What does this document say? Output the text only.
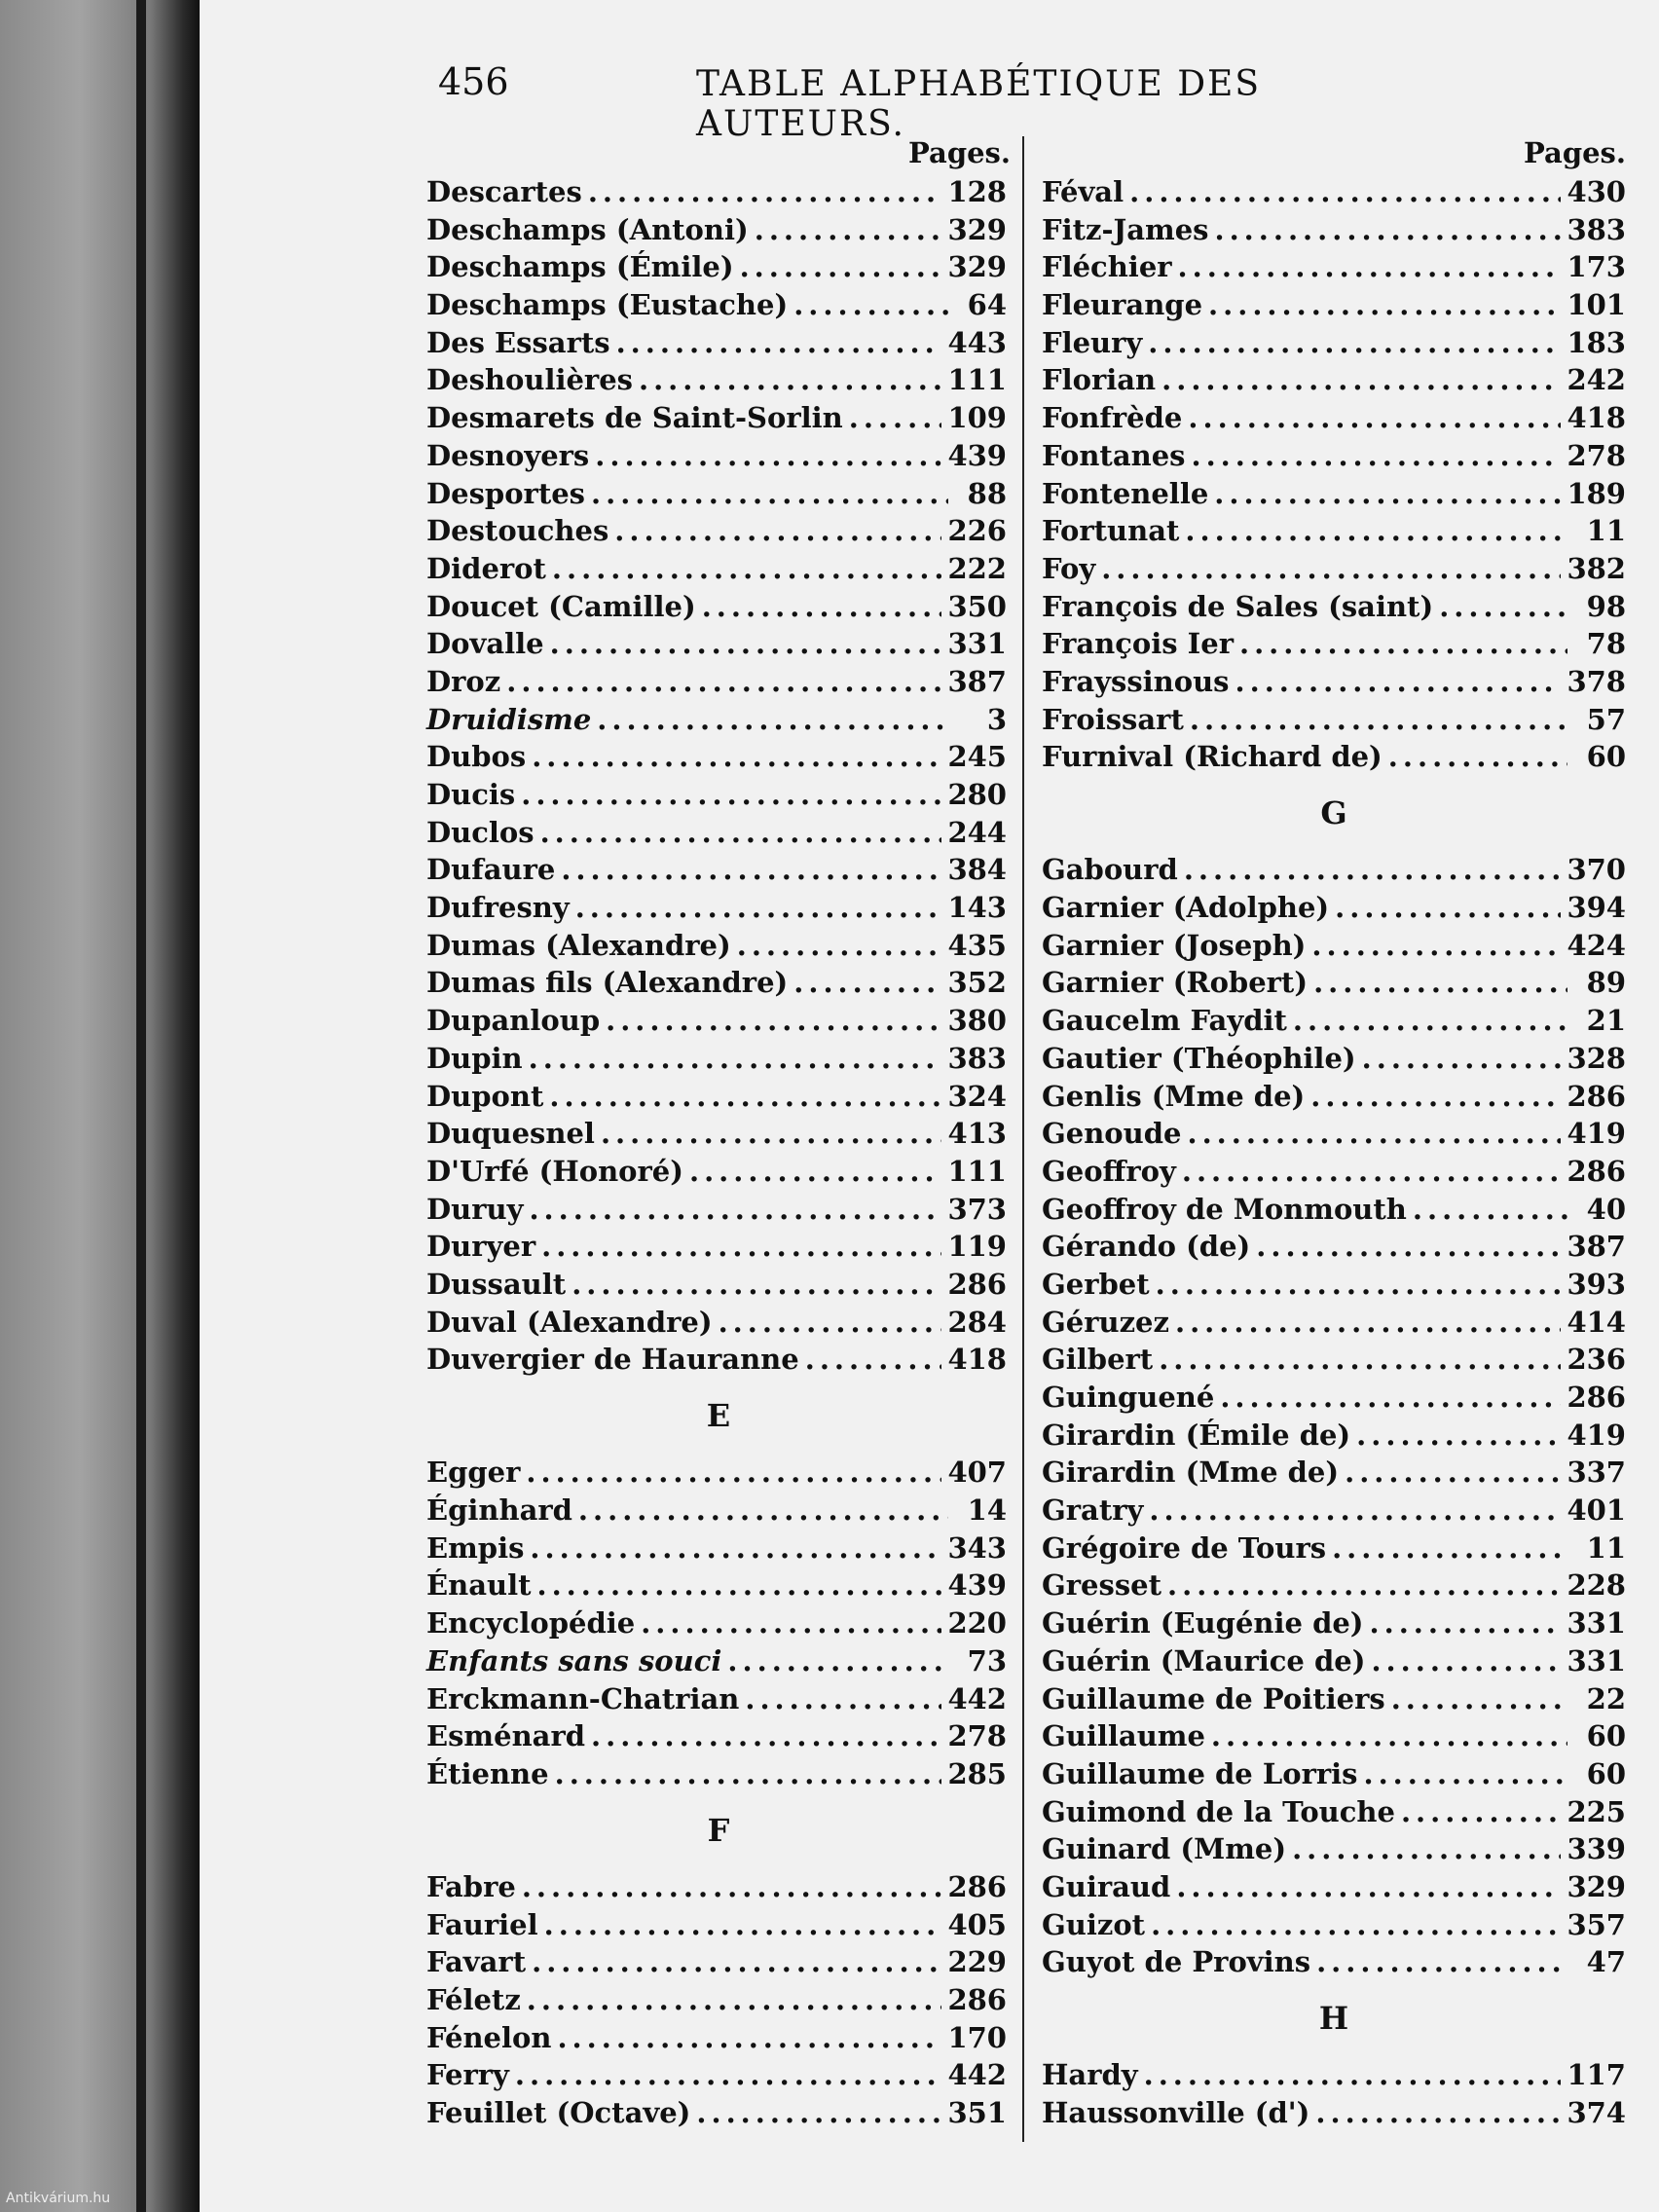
456	TABLE ALPHABÉTIQUE DES AUTEURS.
Pages.
Descartes .....	128
Deschamps (Antoni) .....	329
Deschamps (Émile) .....	329
Deschamps (Eustache) .....	64
Des Essarts .....	443
Deshoulières .....	111
Desmarets de Saint-Sorlin .....	109
Desnoyers .....	439
Desportes .....	88
Destouches .....	226
Diderot .....	222
Doucet (Camille) .....	350
Dovalle .....	331
Droz .....	387
Druidisme .....	3
Dubos .....	245
Ducis .....	280
Duclos .....	244
Dufaure .....	384
Dufresny .....	143
Dumas (Alexandre) .....	435
Dumas fils (Alexandre) .....	352
Dupanloup .....	380
Dupin .....	383
Dupont .....	324
Duquesnel .....	413
D'Urfé (Honoré) .....	111
Duruy .....	373
Duryer .....	119
Dussault .....	286
Duval (Alexandre) .....	284
Duvergier de Hauranne .....	418
E
Egger .....	407
Éginhard .....	14
Empis .....	343
Énault .....	439
Encyclopédie .....	220
Enfants sans souci .....	73
Erckmann-Chatrian .....	442
Esménard .....	278
Étienne .....	285
F
Fabre .....	286
Fauriel .....	405
Favart .....	229
Féletz .....	286
Fénelon .....	170
Ferry .....	442
Feuillet (Octave) .....	351
Pages.
Féval .....	430
Fitz-James .....	383
Fléchier .....	173
Fleurange .....	101
Fleury .....	183
Florian .....	242
Fonfrède .....	418
Fontanes .....	278
Fontenelle .....	189
Fortunat .....	11
Foy .....	382
François de Sales (saint) .....	98
François Ier .....	78
Frayssinous .....	378
Froissart .....	57
Furnival (Richard de) .....	60
G
Gabourd .....	370
Garnier (Adolphe) .....	394
Garnier (Joseph) .....	424
Garnier (Robert) .....	89
Gaucelm Faydit .....	21
Gautier (Théophile) .....	328
Genlis (Mme de) .....	286
Genoude .....	419
Geoffroy .....	286
Geoffroy de Monmouth .....	40
Gérando (de) .....	387
Gerbet .....	393
Géruzez .....	414
Gilbert .....	236
Guinguené .....	286
Girardin (Émile de) .....	419
Girardin (Mme de) .....	337
Gratry .....	401
Grégoire de Tours .....	11
Gresset .....	228
Guérin (Eugénie de) .....	331
Guérin (Maurice de) .....	331
Guillaume de Poitiers .....	22
Guillaume .....	60
Guillaume de Lorris .....	60
Guimond de la Touche .....	225
Guinard (Mme) .....	339
Guiraud .....	329
Guizot .....	357
Guyot de Provins .....	47
H
Hardy .....	117
Haussonville (d') .....	374
Antikvárium.hu
